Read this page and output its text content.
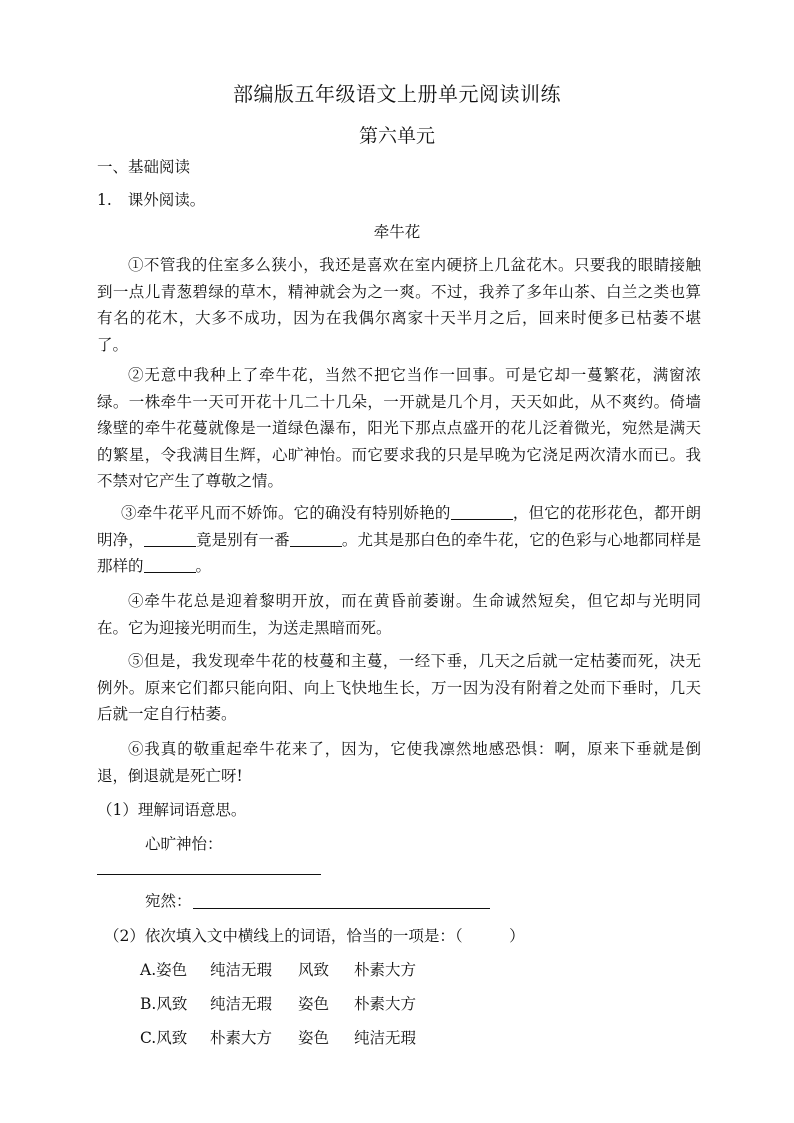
部编版五年级语文上册单元阅读训练
第六单元
一、基础阅读
1. 课外阅读。
牵牛花

①不管我的住室多么狭小，我还是喜欢在室内硬挤上几盆花木。只要我的眼睛接触到一点儿青葱碧绿的草木，精神就会为之一爽。不过，我养了多年山茶、白兰之类也算有名的花木，大多不成功，因为在我偶尔离家十天半月之后，回来时便多已枯萎不堪了。

②无意中我种上了牵牛花，当然不把它当作一回事。可是它却一蔓繁花，满窗浓绿。一株牵牛一天可开花十几二十几朵，一开就是几个月，天天如此，从不爽约。倚墙缘壁的牵牛花蔓就像是一道绿色瀑布，阳光下那点点盛开的花儿泛着微光，宛然是满天的繁星，令我满目生辉，心旷神怡。而它要求我的只是早晚为它浇足两次清水而已。我不禁对它产生了尊敬之情。

③牵牛花平凡而不娇饰。它的确没有特别娇艳的	，但它的花形花色，都开朗明净，	竟是别有一番	。尤其是那白色的牵牛花，它的色彩与心地都同样是那样的	。

④牵牛花总是迎着黎明开放，而在黄昏前萎谢。生命诚然短矣，但它却与光明同在。它为迎接光明而生，为送走黑暗而死。

⑤但是，我发现牵牛花的枝蔓和主蔓，一经下垂，几天之后就一定枯萎而死，决无例外。原来它们都只能向阳、向上飞快地生长，万一因为没有附着之处而下垂时，几天后就一定自行枯萎。

⑥我真的敬重起牵牛花来了，因为，它使我凛然地感恐惧：啊，原来下垂就是倒退，倒退就是死亡呀!

（1）理解词语意思。
心旷神怡：
宛然：
（2）依次填入文中横线上的词语，恰当的一项是：（　　　）
A.姿色 纯洁无瑕 风致 朴素大方
B.风致 纯洁无瑕 姿色 朴素大方
C.风致 朴素大方 姿色 纯洁无瑕
